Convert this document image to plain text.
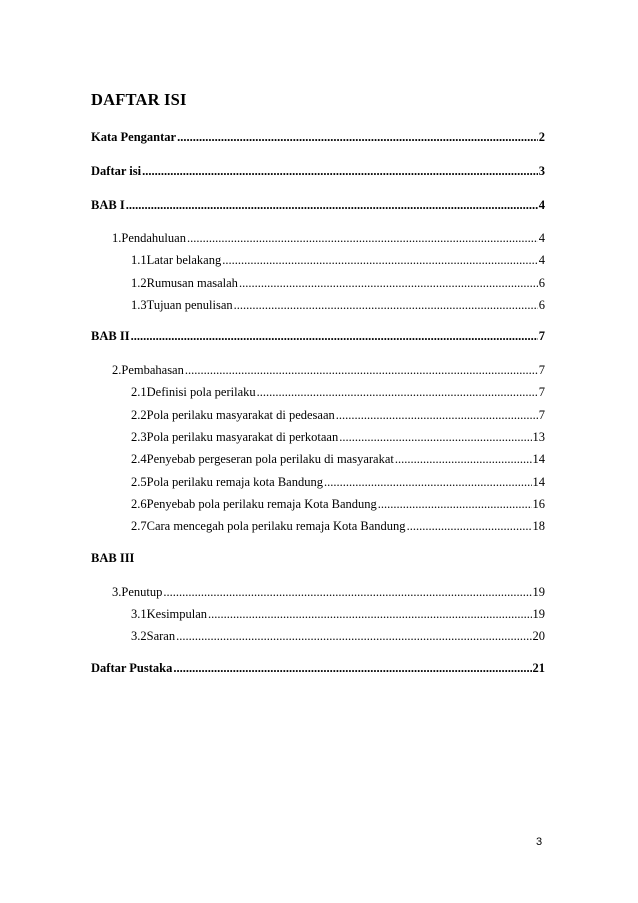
DAFTAR ISI
Kata Pengantar .....	2
Daftar isi .....	3
BAB I .....	4
1. Pendahuluan .....	4
1.1 Latar belakang .....	4
1.2 Rumusan masalah .....	6
1.3 Tujuan penulisan .....	6
BAB II .....	7
2. Pembahasan .....	7
2.1 Definisi pola perilaku .....	7
2.2 Pola perilaku masyarakat di pedesaan .....	7
2.3 Pola perilaku masyarakat di perkotaan .....	13
2.4 Penyebab pergeseran pola perilaku di masyarakat .....	14
2.5 Pola perilaku remaja kota Bandung .....	14
2.6 Penyebab pola perilaku remaja Kota Bandung .....	16
2.7 Cara mencegah pola perilaku remaja Kota Bandung .....	18
BAB III
3. Penutup .....	19
3.1 Kesimpulan .....	19
3.2 Saran .....	20
Daftar Pustaka .....	21
3
